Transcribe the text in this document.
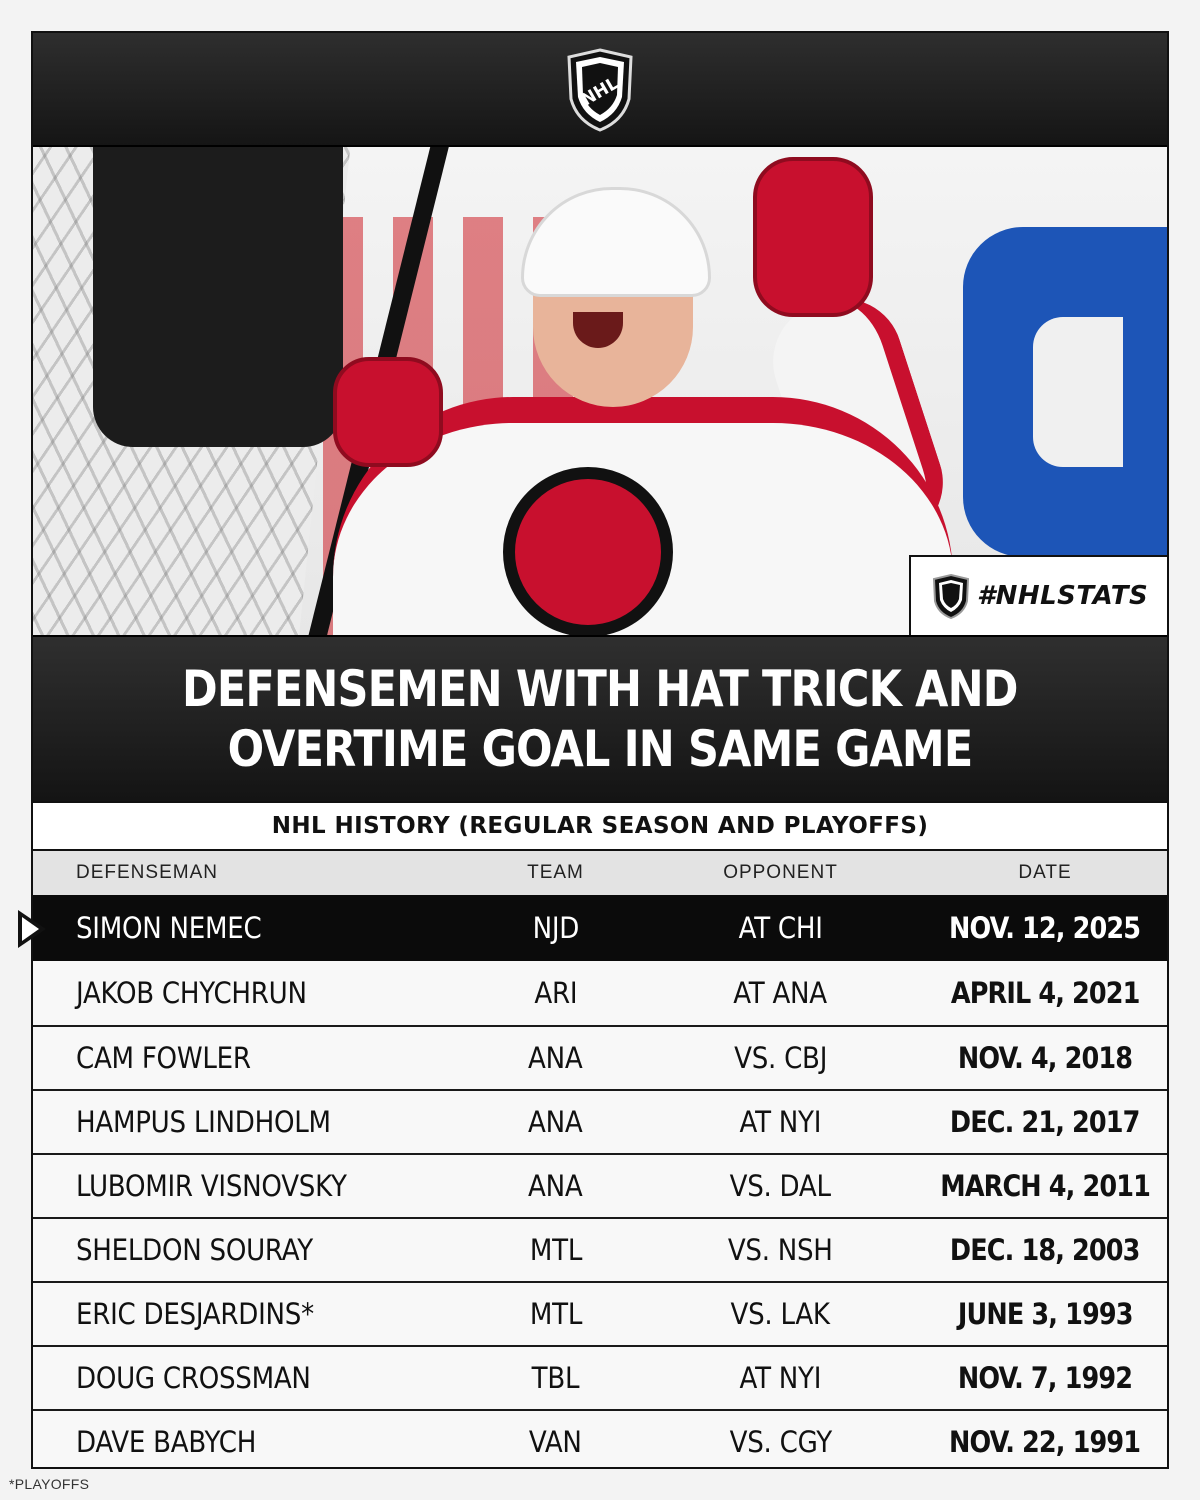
NHL
#NHLSTATS
DEFENSEMEN WITH HAT TRICK AND
OVERTIME GOAL IN SAME GAME
NHL HISTORY (REGULAR SEASON AND PLAYOFFS)
DEFENSEMAN	TEAM	OPPONENT	DATE
SIMON NEMEC	NJD	AT CHI	NOV. 12, 2025
JAKOB CHYCHRUN	ARI	AT ANA	APRIL 4, 2021
CAM FOWLER	ANA	VS. CBJ	NOV. 4, 2018
HAMPUS LINDHOLM	ANA	AT NYI	DEC. 21, 2017
LUBOMIR VISNOVSKY	ANA	VS. DAL	MARCH 4, 2011
SHELDON SOURAY	MTL	VS. NSH	DEC. 18, 2003
ERIC DESJARDINS*	MTL	VS. LAK	JUNE 3, 1993
DOUG CROSSMAN	TBL	AT NYI	NOV. 7, 1992
DAVE BABYCH	VAN	VS. CGY	NOV. 22, 1991
*PLAYOFFS
